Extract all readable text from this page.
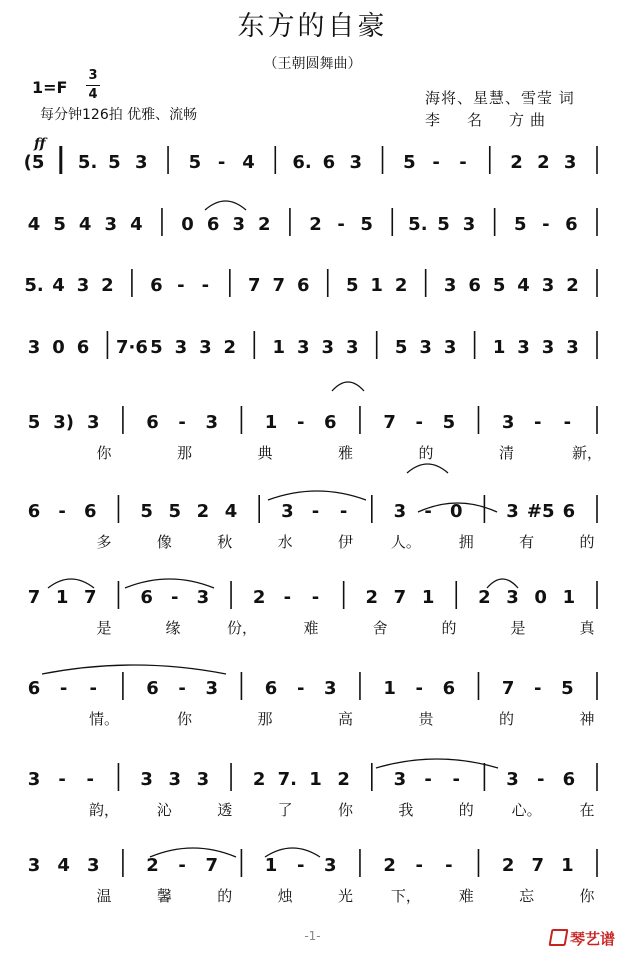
东方的自豪
（王朝圆舞曲）
1=F
3
4
每分钟126拍 优雅、流畅
海将、星慧、雪莹 词
李　名　方曲
ff
(5 5. 5 3 5 - 4 6. 6 3 5 - - 2 2 3
4 5 4 3 4 0 6 3 2 2 - 5 5. 5 3 5 - 6
5. 4 3 2 6 - - 7 7 6 5 1 2 3 6 5 4 3 2
3 0 6 7·6 5 3 3 2 1 3 3 3 5 3 3 1 3 3 3
5 3) 3	6 - 3	1 - 6	7 - 5	3 - -
你	那	典	雅	的	清	新，
6 - 6 5 5 2 4 3 - -	3 - 0 3 #5 6
多	像	秋	水	伊	人。	拥	有	的
7 1 7 6 - 3 2 - -	2 7 1 2 3 0 1
是	缘	份，	难	舍	的	是	真
6 - -	6 - 3	6 - 3	1 - 6	7 - 5
情。	你	那	高	贵	的	神
3 - -	3 3 3 2 7. 1 2 3 - -	3 - 6
韵，	沁	透	了	你	我	的	心。	在
3 4 3	2 - 7	1 - 3	2 - -	2 7 1
温	馨	的	烛	光	下，	难	忘	你
-1-	琴艺谱
